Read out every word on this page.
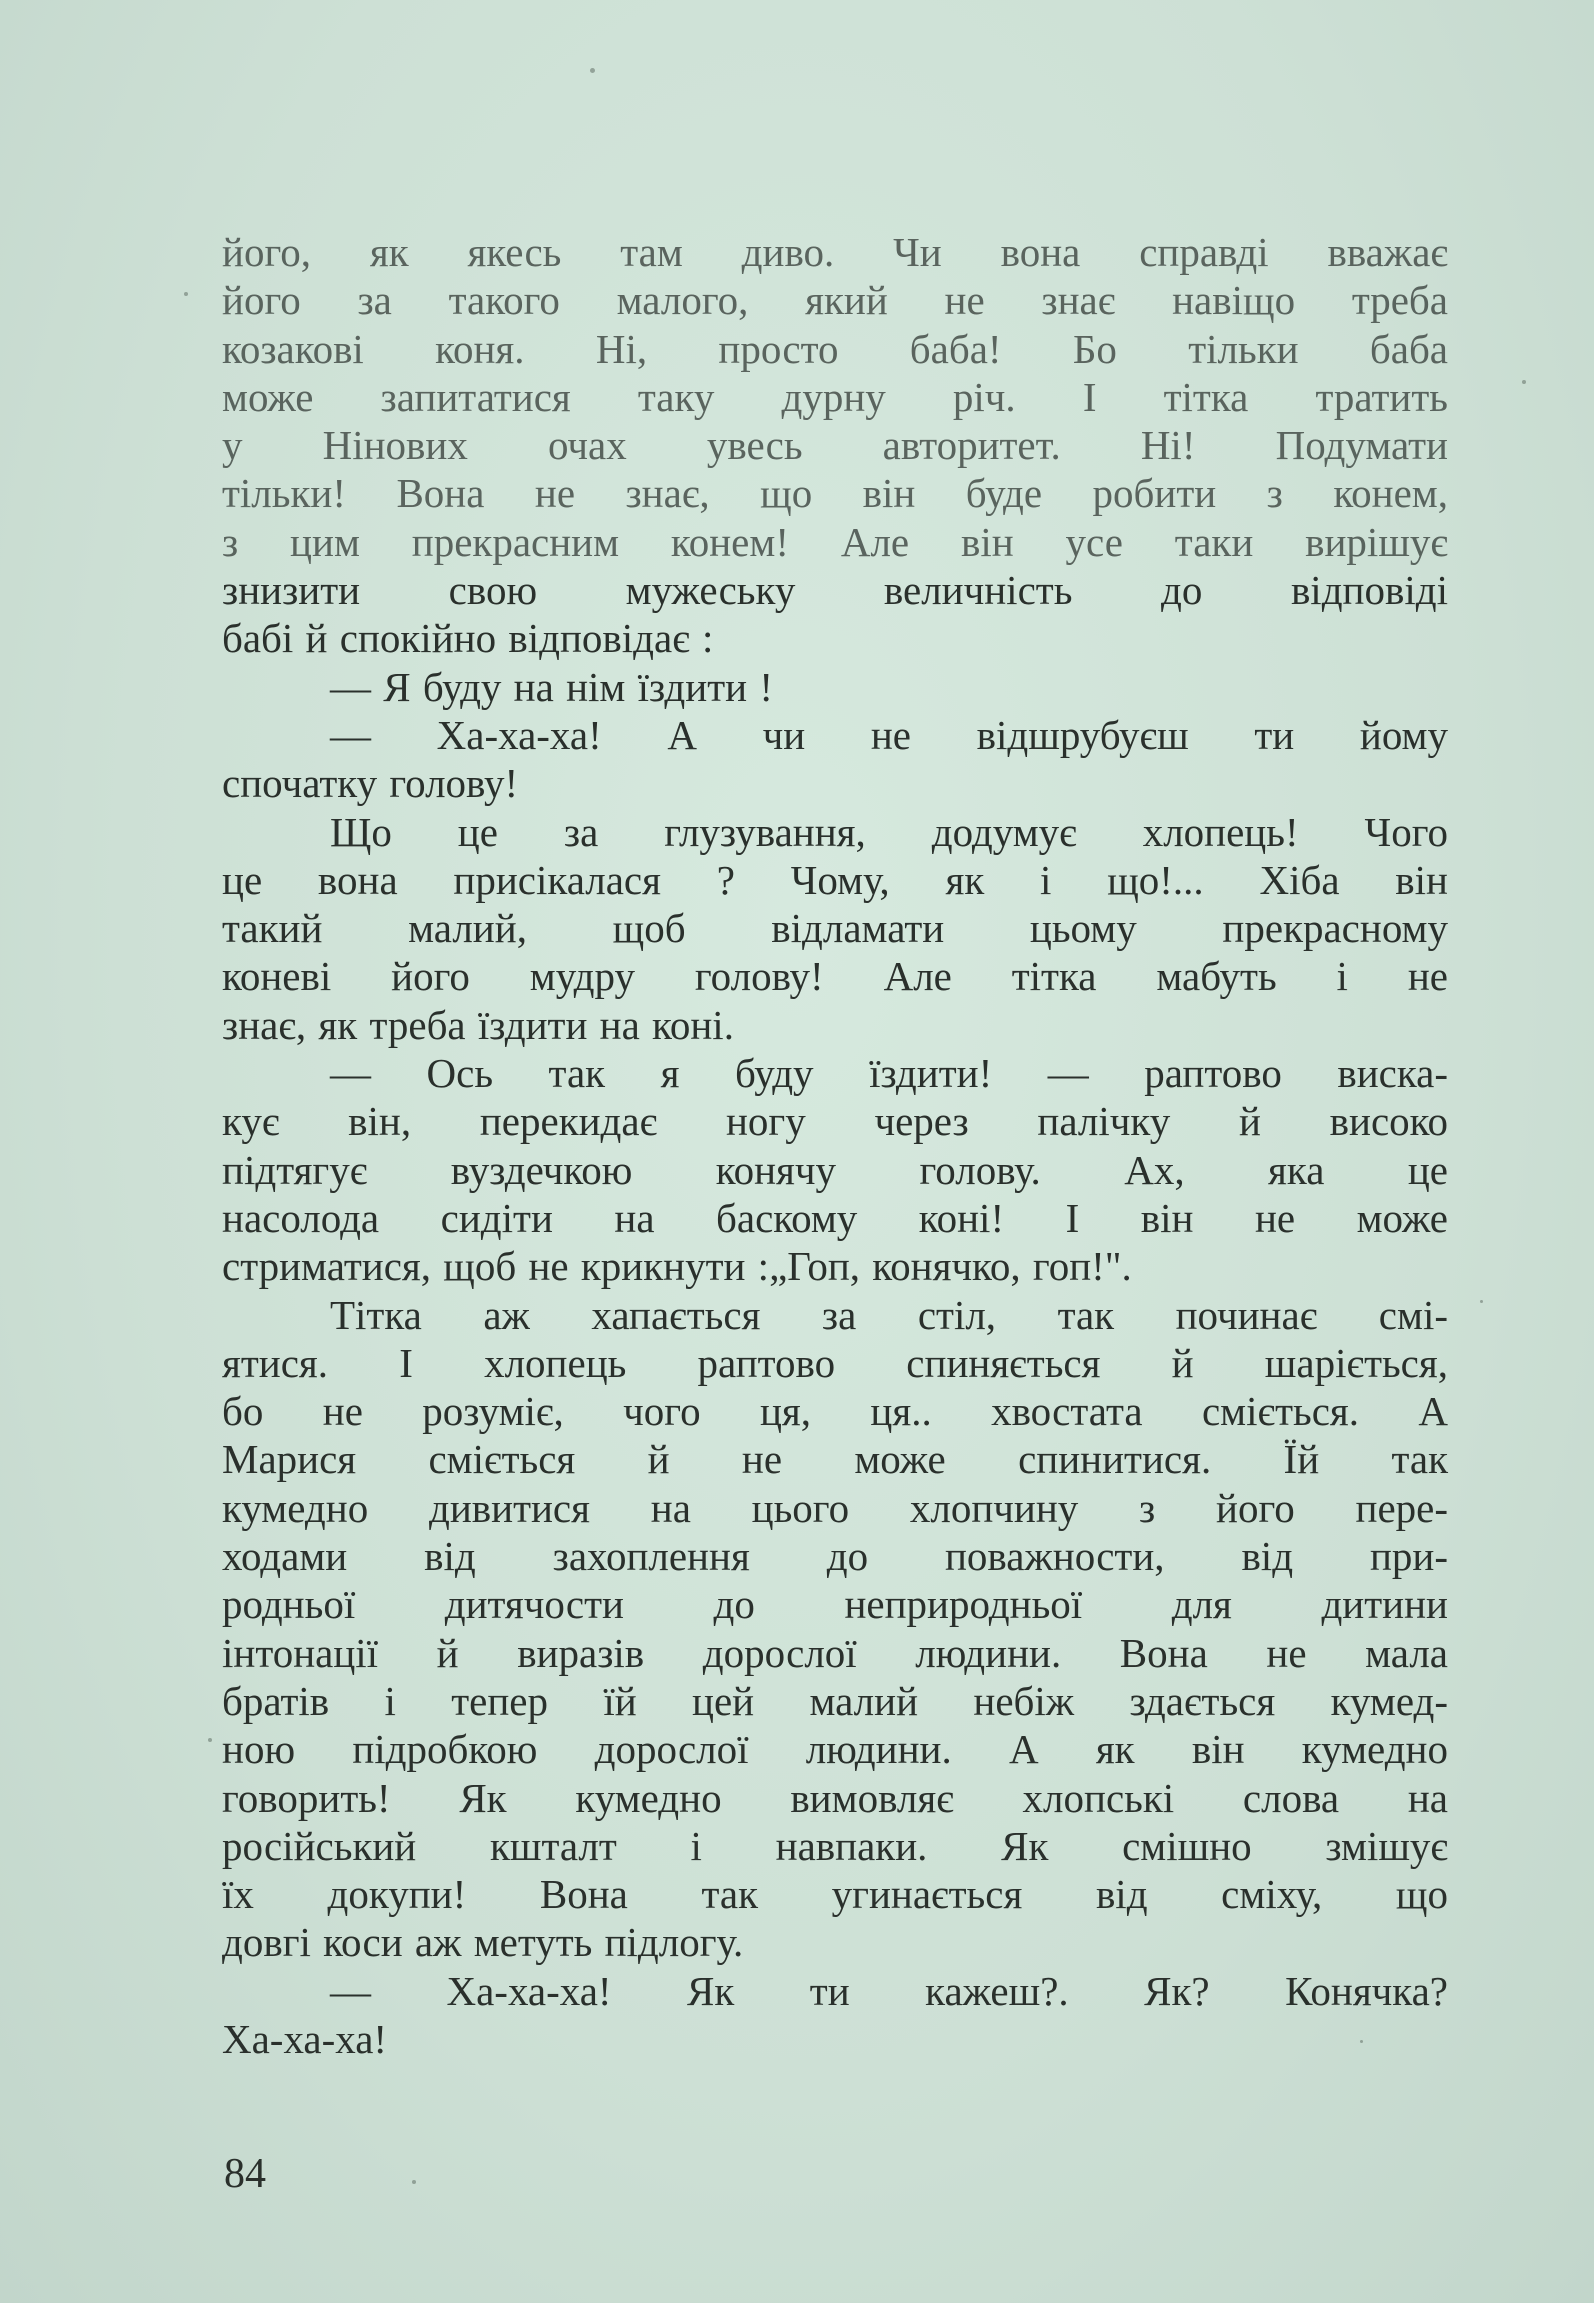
його, як якесь там диво. Чи вона справді вважає
його за такого малого, який не знає навіщо треба
козакові коня. Ні, просто баба! Бо тільки баба
може запитатися таку дурну річ. І тітка тратить
у Нінових очах увесь авторитет. Ні! Подумати
тільки! Вона не знає, що він буде робити з конем,
з цим прекрасним конем! Але він усе таки вирішує
знизити свою мужеську величність до відповіді
бабі й спокійно відповідає :
— Я буду на нім їздити !
— Ха-ха-ха! А чи не відшрубуєш ти йому
спочатку голову!
Що це за глузування, додумує хлопець! Чого
це вона присікалася ? Чому, як і що!... Хіба він
такий малий, щоб відламати цьому прекрасному
коневі його мудру голову! Але тітка мабуть і не
знає, як треба їздити на коні.
— Ось так я буду їздити! — раптово виска-
кує він, перекидає ногу через палічку й високо
підтягує вуздечкою конячу голову. Ах, яка це
насолода сидіти на баскому коні! І він не може
стриматися, щоб не крикнути :„Гоп, конячко, гоп!".
Тітка аж хапається за стіл, так починає смі-
ятися. І хлопець раптово спиняється й шаріється,
бо не розуміє, чого ця, ця.. хвостата сміється. А
Марися сміється й не може спинитися. Їй так
кумедно дивитися на цього хлопчину з його пере-
ходами від захоплення до поважности, від при-
родньої дитячости до неприродньої для дитини
інтонації й виразів дорослої людини. Вона не мала
братів і тепер їй цей малий небіж здається кумед-
ною підробкою дорослої людини. А як він кумедно
говорить! Як кумедно вимовляє хлопські слова на
російський кшталт і навпаки. Як смішно змішує
їх докупи! Вона так угинається від сміху, що
довгі коси аж метуть підлогу.
— Ха-ха-ха! Як ти кажеш?. Як? Конячка?
Ха-ха-ха!
84
